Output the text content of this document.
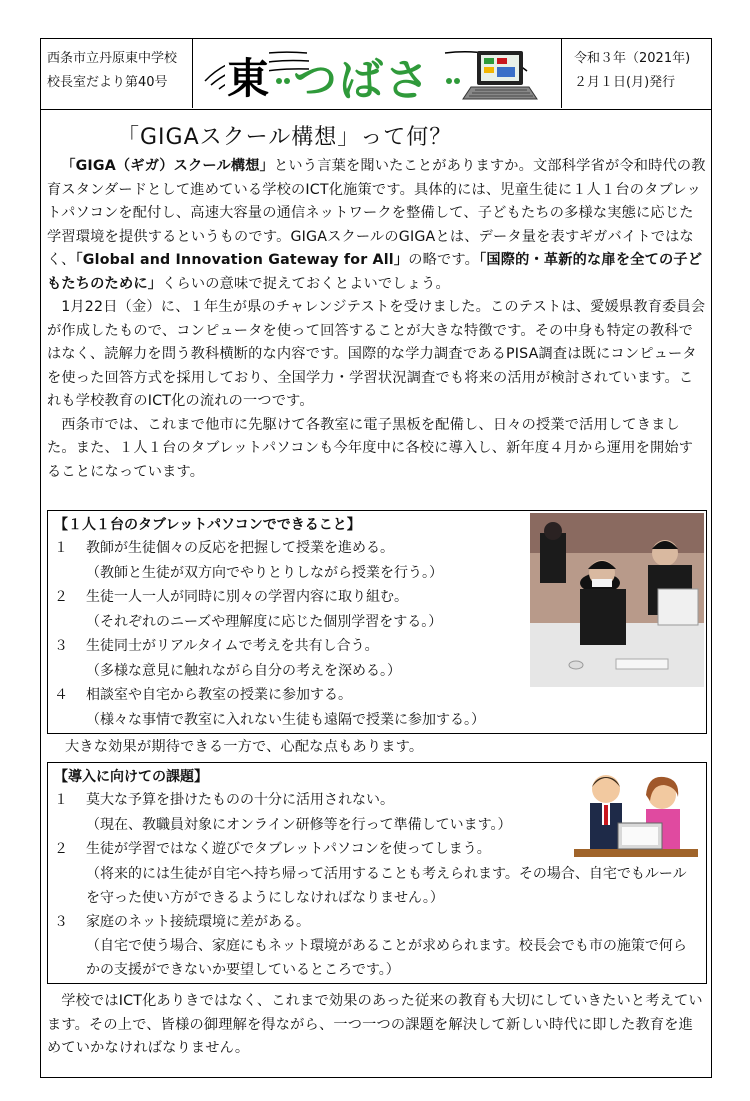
西条市立丹原東中学校
校長室だより第40号	東 つばさ	令和３年（2021年)
２月１日(月)発行
「GIGAスクール構想」って何？

「GIGA（ギガ）スクール構想」という言葉を聞いたことがありますか。文部科学省が令和時代の教育スタンダードとして進めている学校のICT化施策です。具体的には、児童生徒に１人１台のタブレットパソコンを配付し、高速大容量の通信ネットワークを整備して、子どもたちの多様な実態に応じた学習環境を提供するというものです。GIGAスクールのGIGAとは、データ量を表すギガバイトではなく、「Global and Innovation Gateway for All」の略です。「国際的・革新的な扉を全ての子どもたちのために」くらいの意味で捉えておくとよいでしょう。

1月22日（金）に、１年生が県のチャレンジテストを受けました。このテストは、愛媛県教育委員会が作成したもので、コンピュータを使って回答することが大きな特徴です。その中身も特定の教科ではなく、読解力を問う教科横断的な内容です。国際的な学力調査であるPISA調査は既にコンピュータを使った回答方式を採用しており、全国学力・学習状況調査でも将来の活用が検討されています。これも学校教育のICT化の流れの一つです。

西条市では、これまで他市に先駆けて各教室に電子黒板を配備し、日々の授業で活用してきました。また、１人１台のタブレットパソコンも今年度中に各校に導入し、新年度４月から運用を開始することになっています。

【１人１台のタブレットパソコンでできること】
１ 教師が生徒個々の反応を把握して授業を進める。
（教師と生徒が双方向でやりとりしながら授業を行う。）
２ 生徒一人一人が同時に別々の学習内容に取り組む。
（それぞれのニーズや理解度に応じた個別学習をする。）
３ 生徒同士がリアルタイムで考えを共有し合う。
（多様な意見に触れながら自分の考えを深める。）
４ 相談室や自宅から教室の授業に参加する。
（様々な事情で教室に入れない生徒も遠隔で授業に参加する。）
大きな効果が期待できる一方で、心配な点もあります。
【導入に向けての課題】
１ 莫大な予算を掛けたものの十分に活用されない。
（現在、教職員対象にオンライン研修等を行って準備しています。）
２ 生徒が学習ではなく遊びでタブレットパソコンを使ってしまう。
（将来的には生徒が自宅へ持ち帰って活用することも考えられます。その場合、自宅でもルールを守った使い方ができるようにしなければなりません。）
３ 家庭のネット接続環境に差がある。
（自宅で使う場合、家庭にもネット環境があることが求められます。校長会でも市の施策で何らかの支援ができないか要望しているところです。）

学校ではICT化ありきではなく、これまで効果のあった従来の教育も大切にしていきたいと考えています。その上で、皆様の御理解を得ながら、一つ一つの課題を解決して新しい時代に即した教育を進めていかなければなりません。
